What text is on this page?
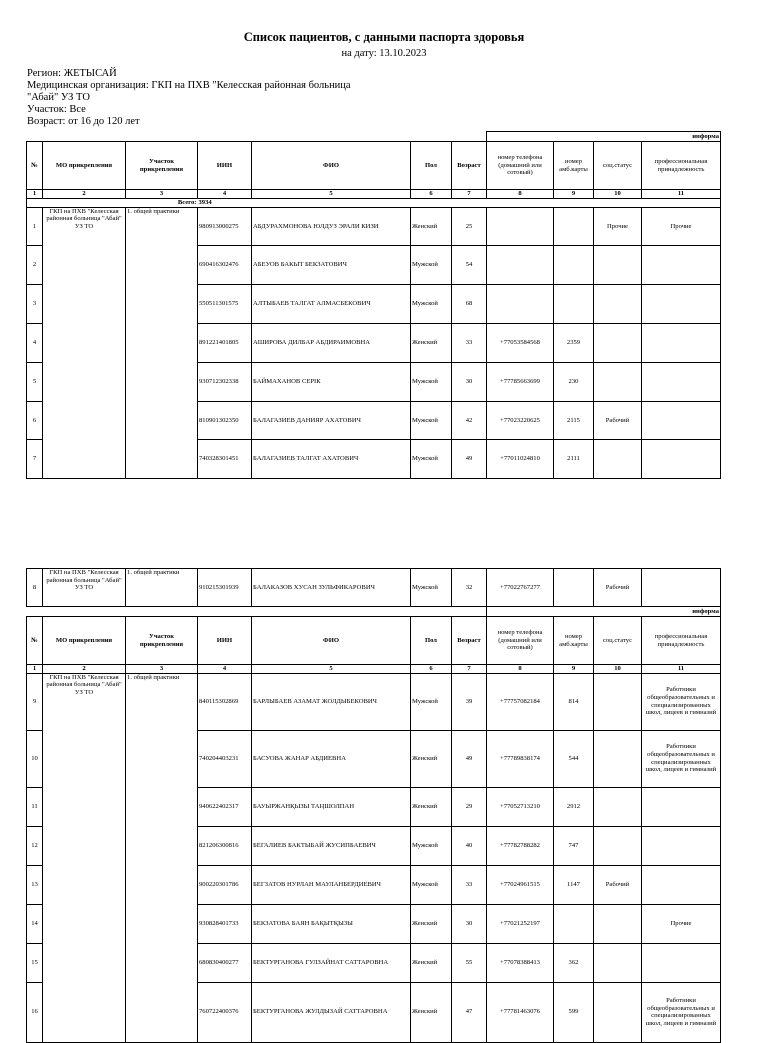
Список пациентов, с данными паспорта здоровья
на дату: 13.10.2023
Регион: ЖЕТЫСАЙ
Медицинская организация: ГКП на ПХВ "Келесская районная больница
"Абай" УЗ ТО
Участок: Все
Возраст: от 16 до 120 лет
							информа			
№	МО прикрепления	Участок прикрепления	ИИН	ФИО	Пол	Возраст	номер телефона (домашний или сотовый)	номер амб.карты	соц.статус	профессиональная принадлежность
1	2	3	4	5	6	7	8	9	10	11
Всего:			3934							
1	ГКП на ПХВ "Келесская районная больница "Абай" УЗ ТО	1. общей практики	980913000275	АБДУРАХМОНОВА ЮЛДУЗ ЭРАЛИ КИЗИ	Женский	25			Прочие	Прочие
2			690416302476	АБЕУОВ БАКЫТ БЕКЗАТОВИЧ	Мужской	54				
3			550511301575	АЛТЫБАЕВ ТАЛГАТ АЛМАСБЕКОВИЧ	Мужской	68				
4			891221401805	АШИРОВА ДИЛБАР АБДИРАИМОВНА	Женский	33	+77053584568	2359		
5			930712302338	БАЙМАХАНОВ СЕРІК	Мужской	30	+77785663699	230		
6			810901302350	БАЛАГАЗИЕВ ДАНИЯР АХАТОВИЧ	Мужской	42	+77023220625	2115	Рабочий	
7			740328301451	БАЛАГАЗИЕВ ТАЛГАТ АХАТОВИЧ	Мужской	49	+77011024810	2111		
8	ГКП на ПХВ "Келесская районная больница "Абай" УЗ ТО	1. общей практики	910215301939	БАЛАКАЗОВ ХУСАН ЗУЛЬФИКАРОВИЧ	Мужской	32	+77022767277		Рабочий	
							информа			
№	МО прикрепления	Участок прикрепления	ИИН	ФИО	Пол	Возраст	номер телефона (домашний или сотовый)	номер амб.карты	соц.статус	профессиональная принадлежность
1	2	3	4	5	6	7	8	9	10	11
9	ГКП на ПХВ "Келесская районная больница "Абай" УЗ ТО	1. общей практики	840115302869	БАРЛЫБАЕВ АЗАМАТ ЖОЛДЫБЕКОВИЧ	Мужской	39	+77757082184	814		Работники общеобразовательных и специализированных школ, лицеев и гимназий
10			740204403231	БАСУОВА ЖАНАР АБДИЕВНА	Женский	49	+77789838174	544		Работники общеобразовательных и специализированных школ, лицеев и гимназий
11			940622402317	БАУЫРЖАНҚЫЗЫ ТАҢШОЛПАН	Женский	29	+77052713210	2912		
12			821206300816	БЕГАЛИЕВ БАКТЫБАЙ ЖУСИПБАЕВИЧ	Мужской	40	+77782788282	747		
13			900220301786	БЕГЗАТОВ НУРЛАН МАУЛАНБЕРДИЕВИЧ	Мужской	33	+77024961515	1147	Рабочий	
14			930828401733	БЕКЗАТОВА БАЯН БАҚЫТҚЫЗЫ	Женский	30	+77021252197			Прочие
15			680830400277	БЕКТУРГАНОВА ГУЛЗАЙНАТ САТТАРОВНА	Женский	55	+77078388413	362		
16			760722400376	БЕКТУРГАНОВА ЖУЛДЫЗАЙ САТТАРОВНА	Женский	47	+77781463076	599		Работники общеобразовательных и специализированных школ, лицеев и гимназий
